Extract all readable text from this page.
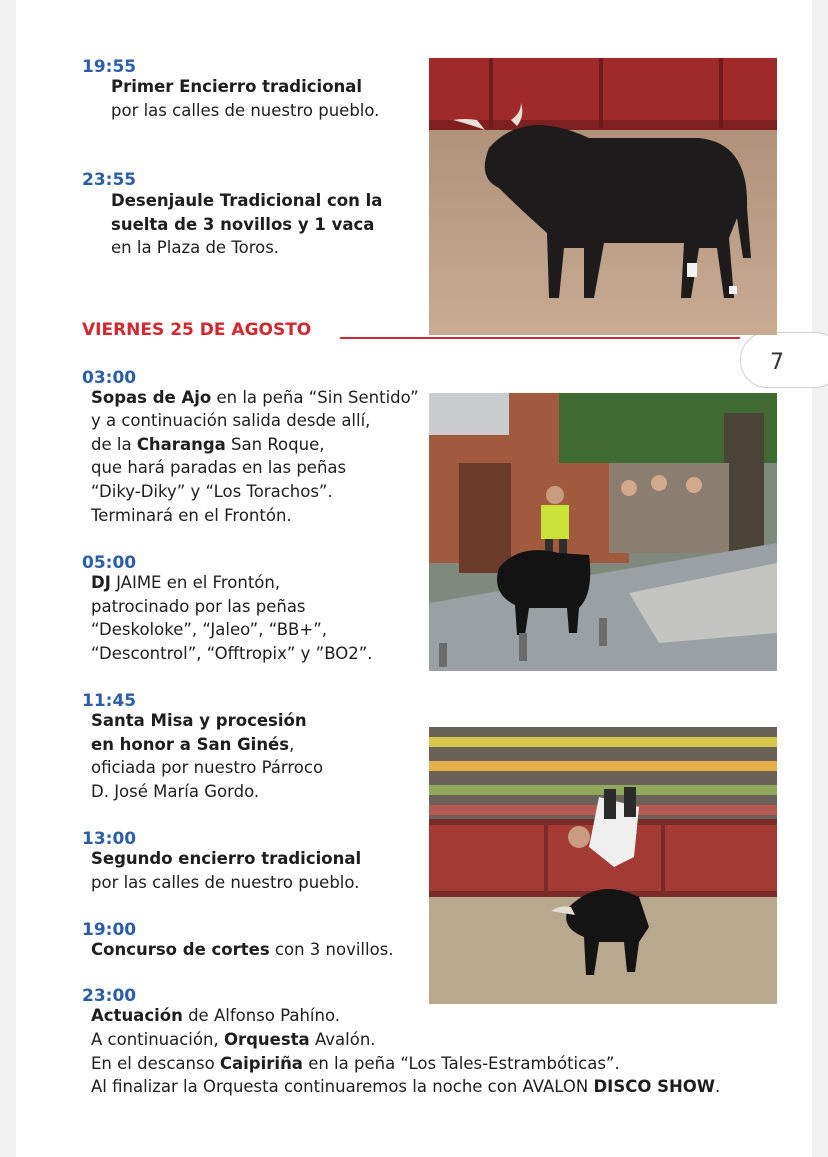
19:55
Primer Encierro tradicional
por las calles de nuestro pueblo.
23:55
Desenjaule Tradicional con la
suelta de 3 novillos y 1 vaca
en la Plaza de Toros.
VIERNES 25 DE AGOSTO
7
03:00
Sopas de Ajo en la peña “Sin Sentido”
y a continuación salida desde allí,
de la Charanga San Roque,
que hará paradas en las peñas
“Diky-Diky” y “Los Torachos”.
Terminará en el Frontón.
05:00
DJ JAIME en el Frontón,
patrocinado por las peñas
“Deskoloke”, “Jaleo”, “BB+”,
“Descontrol”, “Offtropix” y ”BO2”.
11:45
Santa Misa y procesión
en honor a San Ginés,
oficiada por nuestro Párroco
D. José María Gordo.
13:00
Segundo encierro tradicional
por las calles de nuestro pueblo.
19:00
Concurso de cortes con 3 novillos.
23:00
Actuación de Alfonso Pahíno.
A continuación, Orquesta Avalón.
En el descanso Caipiriña en la peña “Los Tales-Estrambóticas”.
Al finalizar la Orquesta continuaremos la noche con AVALON DISCO SHOW.
